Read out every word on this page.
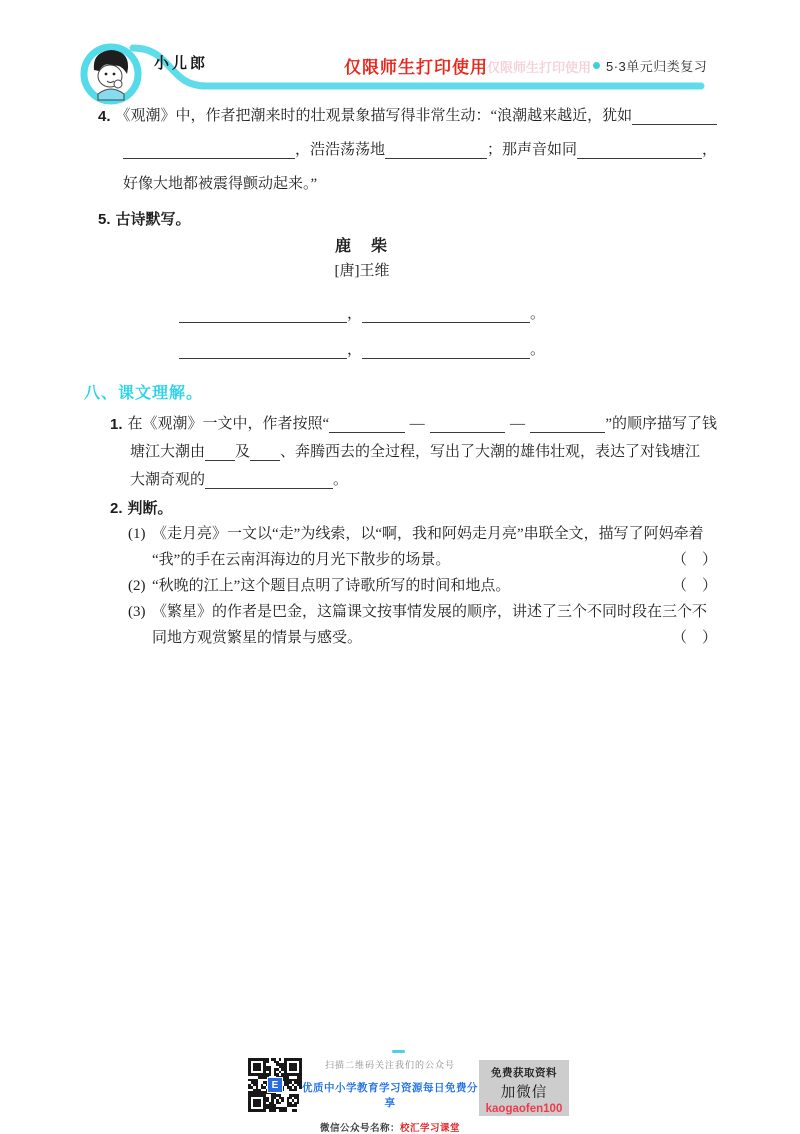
小儿郎	仅限师生打印使用 仅限师生打印使用	5·3单元归类复习
4. 《观潮》中，作者把潮来时的壮观景象描写得非常生动：“浪潮越来越近，犹如
，浩浩荡荡地	；那声音如同	，
好像大地都被震得颤动起来。”
5. 古诗默写。
鹿　柴
[唐]王维
，	。
，	。
八、课文理解。
1. 在《观潮》一文中，作者按照“	—	—	”的顺序描写了钱
塘江大潮由 及 、奔腾西去的全过程，写出了大潮的雄伟壮观，表达了对钱塘江
大潮奇观的	。
2. 判断。
(1) 《走月亮》一文以“走”为线索，以“啊，我和阿妈走月亮”串联全文，描写了阿妈牵着
“我”的手在云南洱海边的月光下散步的场景。	（　）
(2) “秋晚的江上”这个题目点明了诗歌所写的时间和地点。	（　）
(3) 《繁星》的作者是巴金，这篇课文按事情发展的顺序，讲述了三个不同时段在三个不
同地方观赏繁星的情景与感受。	（　）
E
扫描二维码关注我们的公众号
优质中小学教育学习资源每日免费分享
微信公众号名称：校汇学习课堂
免费获取资料
加微信
kaogaofen100
